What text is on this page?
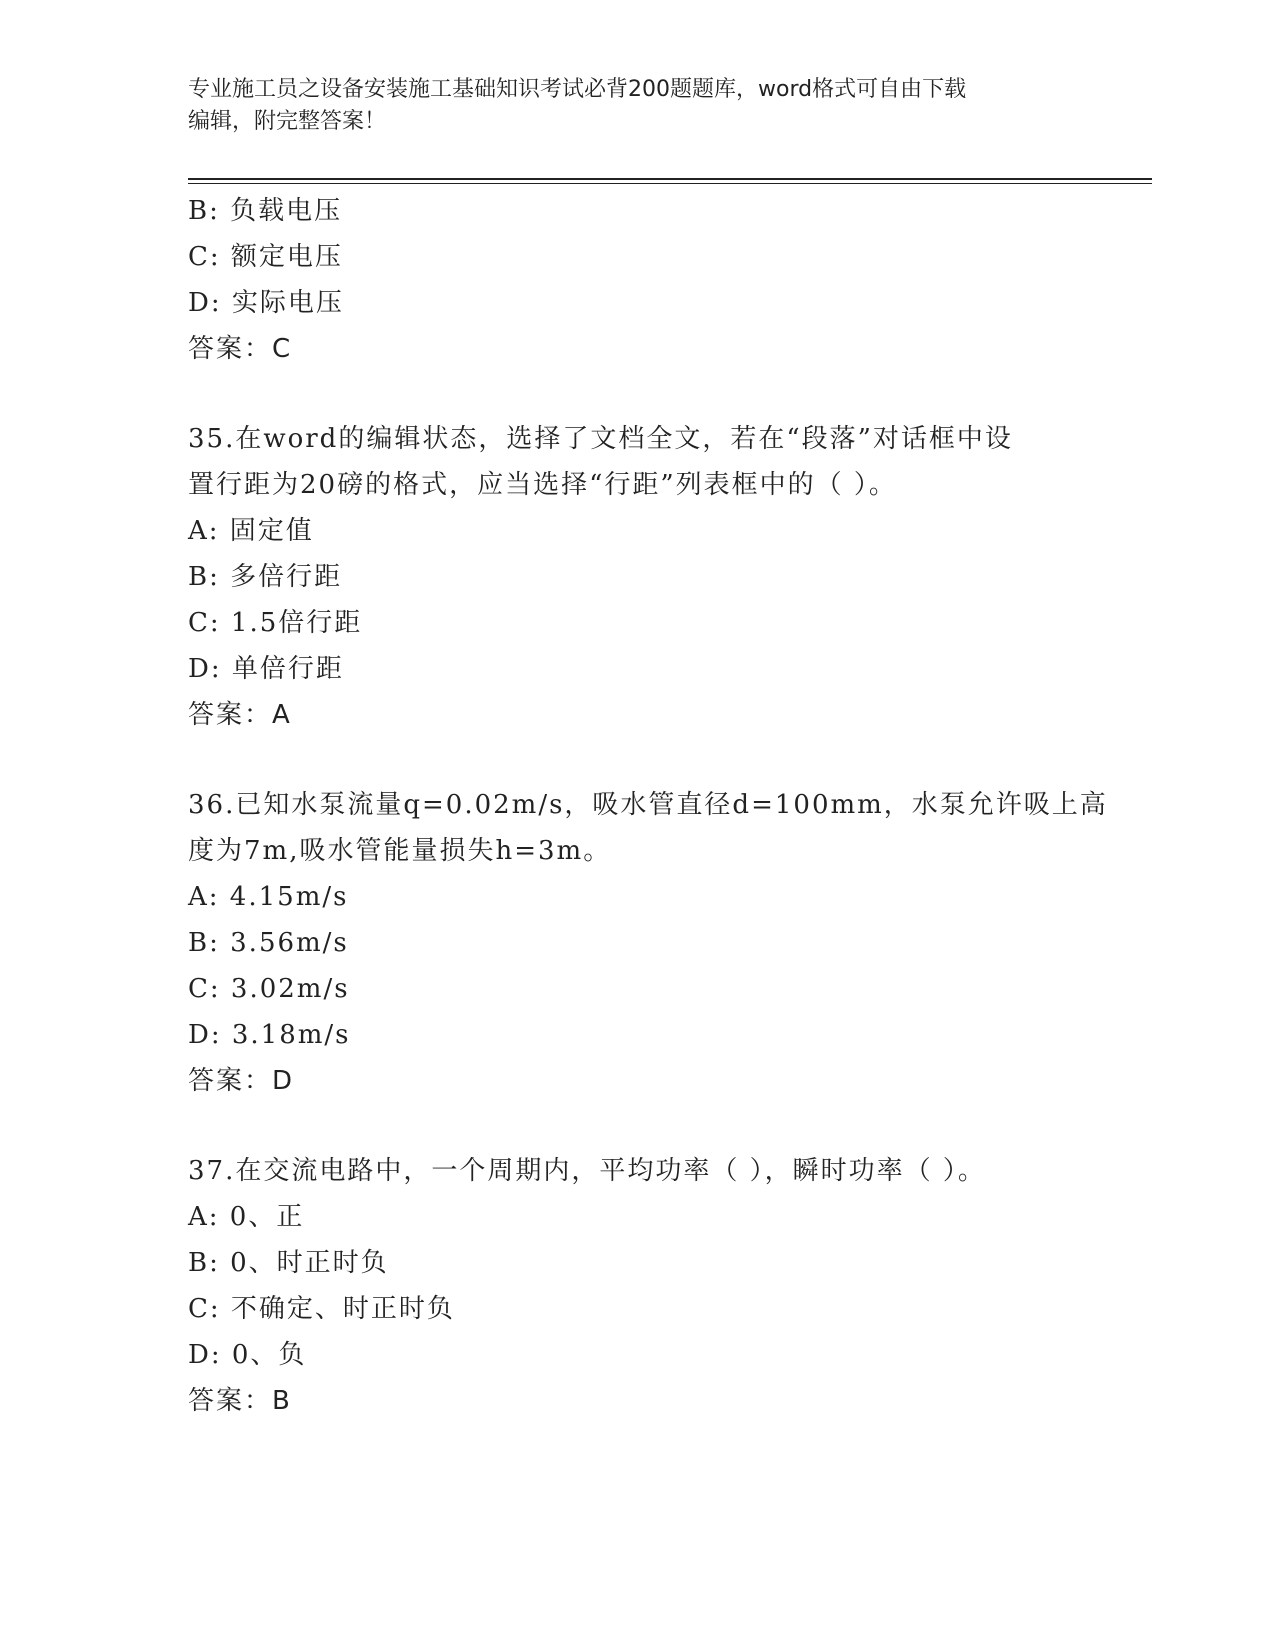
专业施工员之设备安装施工基础知识考试必背200题题库，word格式可自由下载
编辑，附完整答案！
B: 负载电压
C: 额定电压
D: 实际电压
答案：C
35.在word的编辑状态，选择了文档全文，若在“段落”对话框中设
置行距为20磅的格式，应当选择“行距”列表框中的（ ）。
A: 固定值
B: 多倍行距
C: 1.5倍行距
D: 单倍行距
答案：A
36.已知水泵流量q=0.02m/s，吸水管直径d=100mm，水泵允许吸上高
度为7m,吸水管能量损失h=3m。
A: 4.15m/s
B: 3.56m/s
C: 3.02m/s
D: 3.18m/s
答案：D
37.在交流电路中，一个周期内，平均功率（ ），瞬时功率（ ）。
A: 0、正
B: 0、时正时负
C: 不确定、时正时负
D: 0、负
答案：B
